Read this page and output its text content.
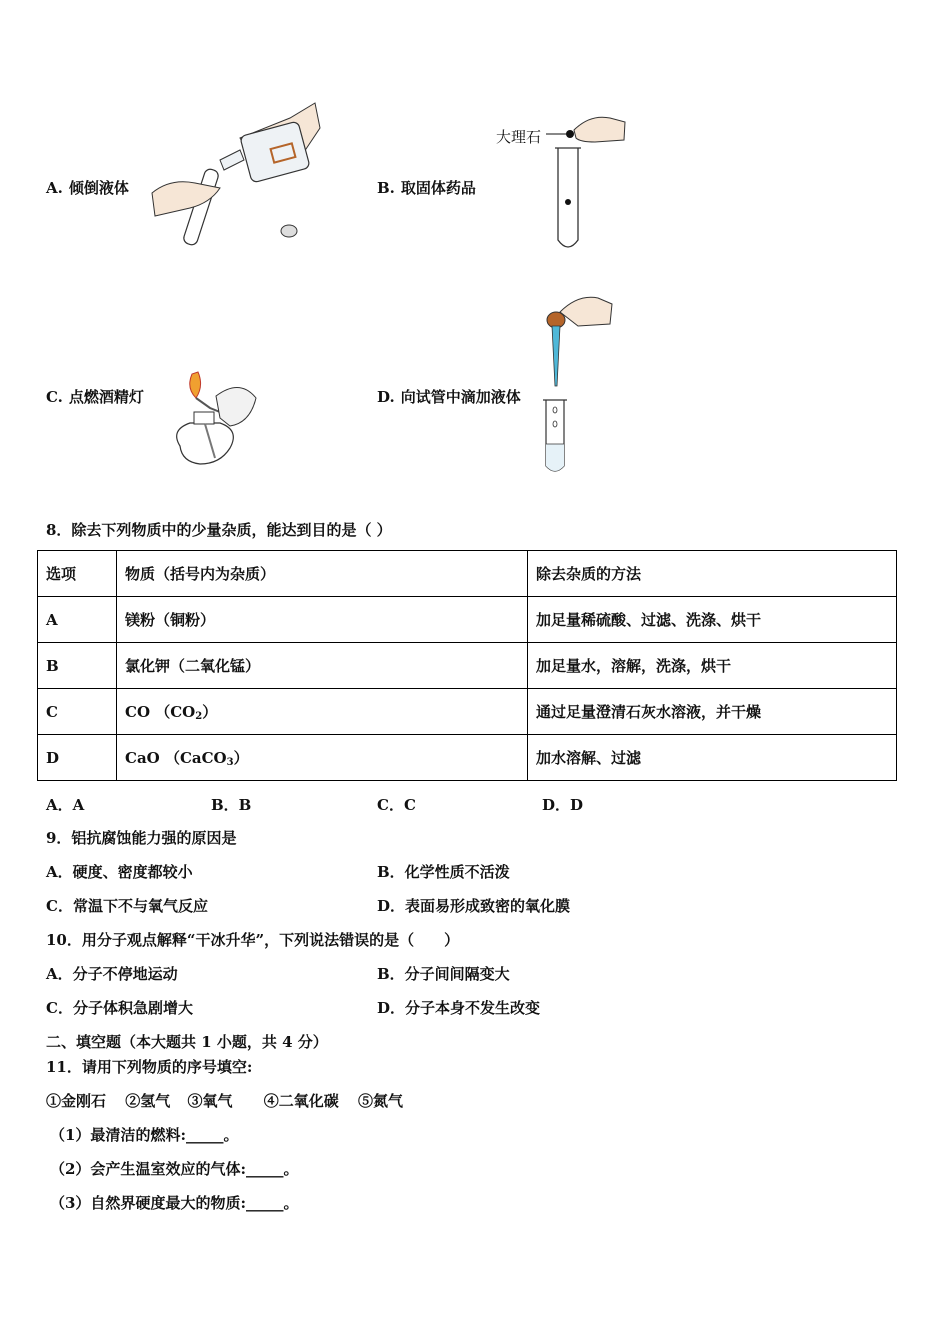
A. 倾倒液体	B. 取固体药品
C. 点燃酒精灯	D. 向试管中滴加液体
大理石
8．除去下列物质中的少量杂质，能达到目的是（ ）
选项	物质（括号内为杂质）	除去杂质的方法
A	镁粉（铜粉）	加足量稀硫酸、过滤、洗涤、烘干
B	氯化钾（二氧化锰）	加足量水，溶解，洗涤，烘干
C	CO $(CO_2)$	通过足量澄清石灰水溶液，并干燥
D	CaO （CaCO$_3$）	加水溶解、过滤
A．A	B．B	C．C	D．D
9．铝抗腐蚀能力强的原因是
A．硬度、密度都较小	B．化学性质不活泼
C．常温下不与氧气反应	D．表面易形成致密的氧化膜
10．用分子观点解释“干冰升华”，下列说法错误的是（　　）
A．分子不停地运动	B．分子间间隔变大
C．分子体积急剧增大	D．分子本身不发生改变
二、填空题（本大题共 1 小题，共 4 分）
11．请用下列物质的序号填空:
①金刚石 ②氢气 ③氧气 ④二氧化碳 ⑤氮气
（1）最清洁的燃料:_____。
（2）会产生温室效应的气体:_____。
（3）自然界硬度最大的物质:_____。
